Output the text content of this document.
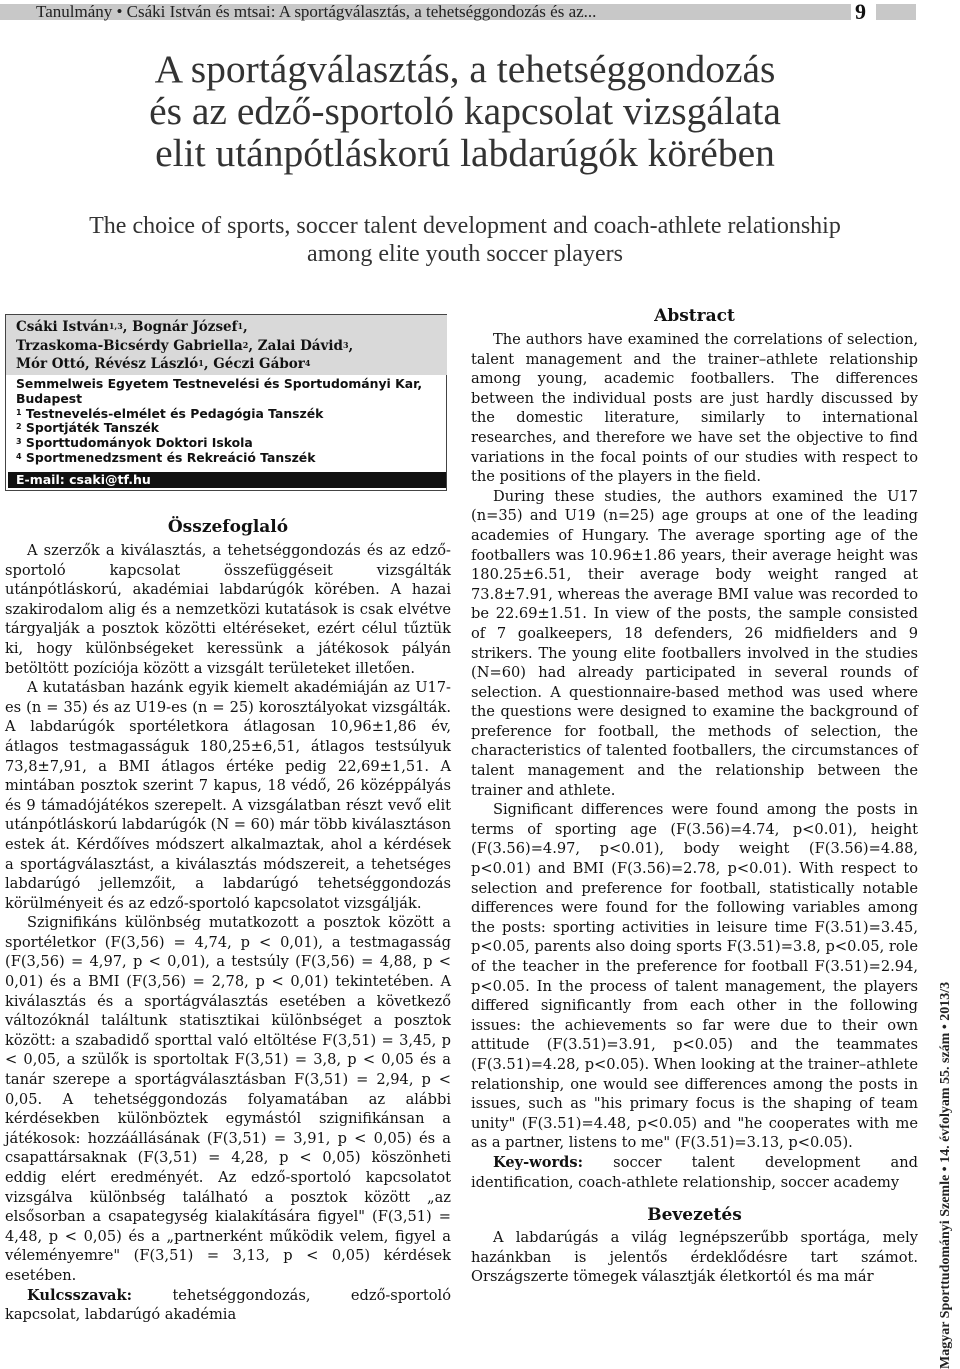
Tanulmány • Csáki István és mtsai: A sportágválasztás, a tehetséggondozás és az...	9
A sportágválasztás, a tehetséggondozás
és az edző-sportoló kapcsolat vizsgálata
elit utánpótláskorú labdarúgók körében
The choice of sports, soccer talent development and coach-athlete relationship
among elite youth soccer players
Csáki István$^{1,3}$, Bognár József$^1$,
Trzaskoma-Bicsérdy Gabriella$^2$, Zalai Dávid$^3$,
Mór Ottó, Révész László$^1$, Géczi Gábor$^4$
Semmelweis Egyetem Testnevelési és Sportudományi Kar,
Budapest
$^1$ Testnevelés-elmélet és Pedagógia Tanszék
$^2$ Sportjáték Tanszék
$^3$ Sporttudományok Doktori Iskola
$^4$ Sportmenedzsment és Rekreáció Tanszék
E-mail: csaki@tf.hu
Összefoglaló

A szerzők a kiválasztás, a tehetséggondozás és az edző-sportoló kapcsolat összefüggéseit vizsgálták utánpótláskorú, akadémiai labdarúgók körében. A hazai szakirodalom alig és a nemzetközi kutatások is csak elvétve tárgyalják a posztok közötti eltéréseket, ezért célul tűztük ki, hogy különbségeket keressünk a játékosok pályán betöltött pozíciója között a vizsgált területeket illetően.

A kutatásban hazánk egyik kiemelt akadémiáján az U17-es (n = 35) és az U19-es (n = 25) korosztályokat vizsgálták. A labdarúgók sportéletkora átlagosan 10,96±1,86 év, átlagos testmagasságuk 180,25±6,51, átlagos testsúlyuk 73,8±7,91, a BMI átlagos értéke pedig 22,69±1,51. A mintában posztok szerint 7 kapus, 18 védő, 26 középpályás és 9 támadójátékos szerepelt. A vizsgálatban részt vevő elit utánpótláskorú labdarúgók (N = 60) már több kiválasztáson estek át. Kérdőíves módszert alkalmaztak, ahol a kérdések a sportágválasztást, a kiválasztás módszereit, a tehetséges labdarúgó jellemzőit, a labdarúgó tehetséggondozás körülményeit és az edző-sportoló kapcsolatot vizsgálják.

Szignifikáns különbség mutatkozott a posztok között a sportéletkor (F(3,56) = 4,74, p < 0,01), a testmagasság (F(3,56) = 4,97, p < 0,01), a testsúly (F(3,56) = 4,88, p < 0,01) és a BMI (F(3,56) = 2,78, p < 0,01) tekintetében. A kiválasztás és a sportágválasztás esetében a következő változóknál találtunk statisztikai különbséget a posztok között: a szabadidő sporttal való eltöltése F(3,51) = 3,45, p < 0,05, a szülők is sportoltak F(3,51) = 3,8, p < 0,05 és a tanár szerepe a sportágválasztásban F(3,51) = 2,94, p < 0,05. A tehetséggondozás folyamatában az alábbi kérdésekben különböztek egymástól szignifikánsan a játékosok: hozzáállásának (F(3,51) = 3,91, p < 0,05) és a csapattársaknak (F(3,51) = 4,28, p < 0,05) köszönheti eddig elért eredményét. Az edző-sportoló kapcsolatot vizsgálva különbség található a posztok között „az elsősorban a csapategység kialakítására figyel" (F(3,51) = 4,48, p < 0,05) és a „partnerként működik velem, figyel a véleményemre" (F(3,51) = 3,13, p < 0,05) kérdések esetében.

Kulcsszavak: tehetséggondozás, edző-sportoló kapcsolat, labdarúgó akadémia

Abstract

The authors have examined the correlations of selection, talent management and the trainer–athlete relationship among young, academic footballers. The differences between the individual posts are just hardly discussed by the domestic literature, similarly to international researches, and therefore we have set the objective to find variations in the focal points of our studies with respect to the positions of the players in the field.

During these studies, the authors examined the U17 (n=35) and U19 (n=25) age groups at one of the leading academies of Hungary. The average sporting age of the footballers was 10.96±1.86 years, their average height was 180.25±6.51, their average body weight ranged at 73.8±7.91, whereas the average BMI value was recorded to be 22.69±1.51. In view of the posts, the sample consisted of 7 goalkeepers, 18 defenders, 26 midfielders and 9 strikers. The young elite footballers involved in the studies (N=60) had already participated in several rounds of selection. A questionnaire-based method was used where the questions were designed to examine the background of preference for football, the methods of selection, the characteristics of talented footballers, the circumstances of talent management and the relationship between the trainer and athlete.

Significant differences were found among the posts in terms of sporting age (F(3.56)=4.74, p<0.01), height (F(3.56)=4.97, p<0.01), body weight (F(3.56)=4.88, p<0.01) and BMI (F(3.56)=2.78, p<0.01). With respect to selection and preference for football, statistically notable differences were found for the following variables among the posts: sporting activities in leisure time F(3.51)=3.45, p<0.05, parents also doing sports F(3.51)=3.8, p<0.05, role of the teacher in the preference for football F(3.51)=2.94, p<0.05. In the process of talent management, the players differed significantly from each other in the following issues: the achievements so far were due to their own attitude (F(3.51)=3.91, p<0.05) and the teammates (F(3.51)=4.28, p<0.05). When looking at the trainer–athlete relationship, one would see differences among the posts in issues, such as "his primary focus is the shaping of team unity" (F(3.51)=4.48, p<0.05) and "he cooperates with me as a partner, listens to me" (F(3.51)=3.13, p<0.05).

Key-words: soccer talent development and identification, coach-athlete relationship, soccer academy

Bevezetés

A labdarúgás a világ legnépszerűbb sportága, mely hazánkban is jelentős érdeklődésre tart számot. Országszerte tömegek választják életkortól és ma már	Magyar Sporttudományi Szemle • 14. évfolyam 55. szám • 2013/3
